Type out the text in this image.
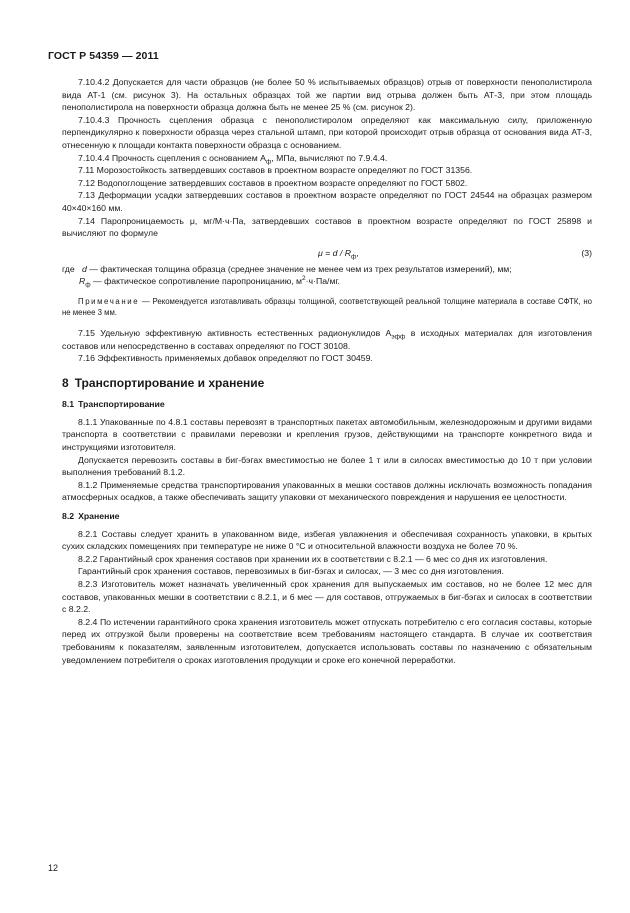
ГОСТ Р 54359 — 2011

7.10.4.2 Допускается для части образцов (не более 50 % испытываемых образцов) отрыв от поверхности пенополистирола вида АТ-1 (см. рисунок 3). На остальных образцах той же партии вид отрыва должен быть АТ-3, при этом площадь пенополистирола на поверхности образца должна быть не менее 25 % (см. рисунок 2).

7.10.4.3 Прочность сцепления образца с пенополистиролом определяют как максимальную силу, приложенную перпендикулярно к поверхности образца через стальной штамп, при которой происходит отрыв образца от основания вида АТ-3, отнесенную к площади контакта поверхности образца с основанием.

7.10.4.4 Прочность сцепления с основанием $A_ф$, МПа, вычисляют по 7.9.4.4.

7.11 Морозостойкость затвердевших составов в проектном возрасте определяют по ГОСТ 31356.

7.12 Водопоглощение затвердевших составов в проектном возрасте определяют по ГОСТ 5802.

7.13 Деформации усадки затвердевших составов в проектном возрасте определяют по ГОСТ 24544 на образцах размером 40×40×160 мм.

7.14 Паропроницаемость μ, мг/М·ч·Па, затвердевших составов в проектном возрасте определяют по ГОСТ 25898 и вычисляют по формуле

$\mu = d / R_ф$,	(3)

где d — фактическая толщина образца (среднее значение не менее чем из трех результатов измерений), мм;

$R_ф$ — фактическое сопротивление паропроницанию, $м^2\cdot ч\cdot Па/мг$.

Примечание — Рекомендуется изготавливать образцы толщиной, соответствующей реальной толщине материала в составе СФТК, но не менее 3 мм.

7.15 Удельную эффективную активность естественных радионуклидов $A_{эфф}$ в исходных материалах для изготовления составов или непосредственно в составах определяют по ГОСТ 30108.

7.16 Эффективность применяемых добавок определяют по ГОСТ 30459.

8 Транспортирование и хранение

8.1 Транспортирование

8.1.1 Упакованные по 4.8.1 составы перевозят в транспортных пакетах автомобильным, железнодорожным и другими видами транспорта в соответствии с правилами перевозки и крепления грузов, действующими на транспорте конкретного вида и инструкциями изготовителя.

Допускается перевозить составы в биг-бэгах вместимостью не более 1 т или в силосах вместимостью до 10 т при условии выполнения требований 8.1.2.

8.1.2 Применяемые средства транспортирования упакованных в мешки составов должны исключать возможность попадания атмосферных осадков, а также обеспечивать защиту упаковки от механического повреждения и нарушения ее целостности.

8.2 Хранение

8.2.1 Составы следует хранить в упакованном виде, избегая увлажнения и обеспечивая сохранность упаковки, в крытых сухих складских помещениях при температуре не ниже 0 °С и относительной влажности воздуха не более 70 %.

8.2.2 Гарантийный срок хранения составов при хранении их в соответствии с 8.2.1 — 6 мес со дня их изготовления.

Гарантийный срок хранения составов, перевозимых в биг-бэгах и силосах, — 3 мес со дня изготовления.

8.2.3 Изготовитель может назначать увеличенный срок хранения для выпускаемых им составов, но не более 12 мес для составов, упакованных мешки в соответствии с 8.2.1, и 6 мес — для составов, отгружаемых в биг-бэгах и силосах в соответствии с 8.2.2.

8.2.4 По истечении гарантийного срока хранения изготовитель может отпускать потребителю с его согласия составы, которые перед их отгрузкой были проверены на соответствие всем требованиям настоящего стандарта. В случае их соответствия требованиям к показателям, заявленным изготовителем, допускается использовать составы по назначению с обязательным уведомлением потребителя о сроках изготовления продукции и сроке его конечной переработки.

12
